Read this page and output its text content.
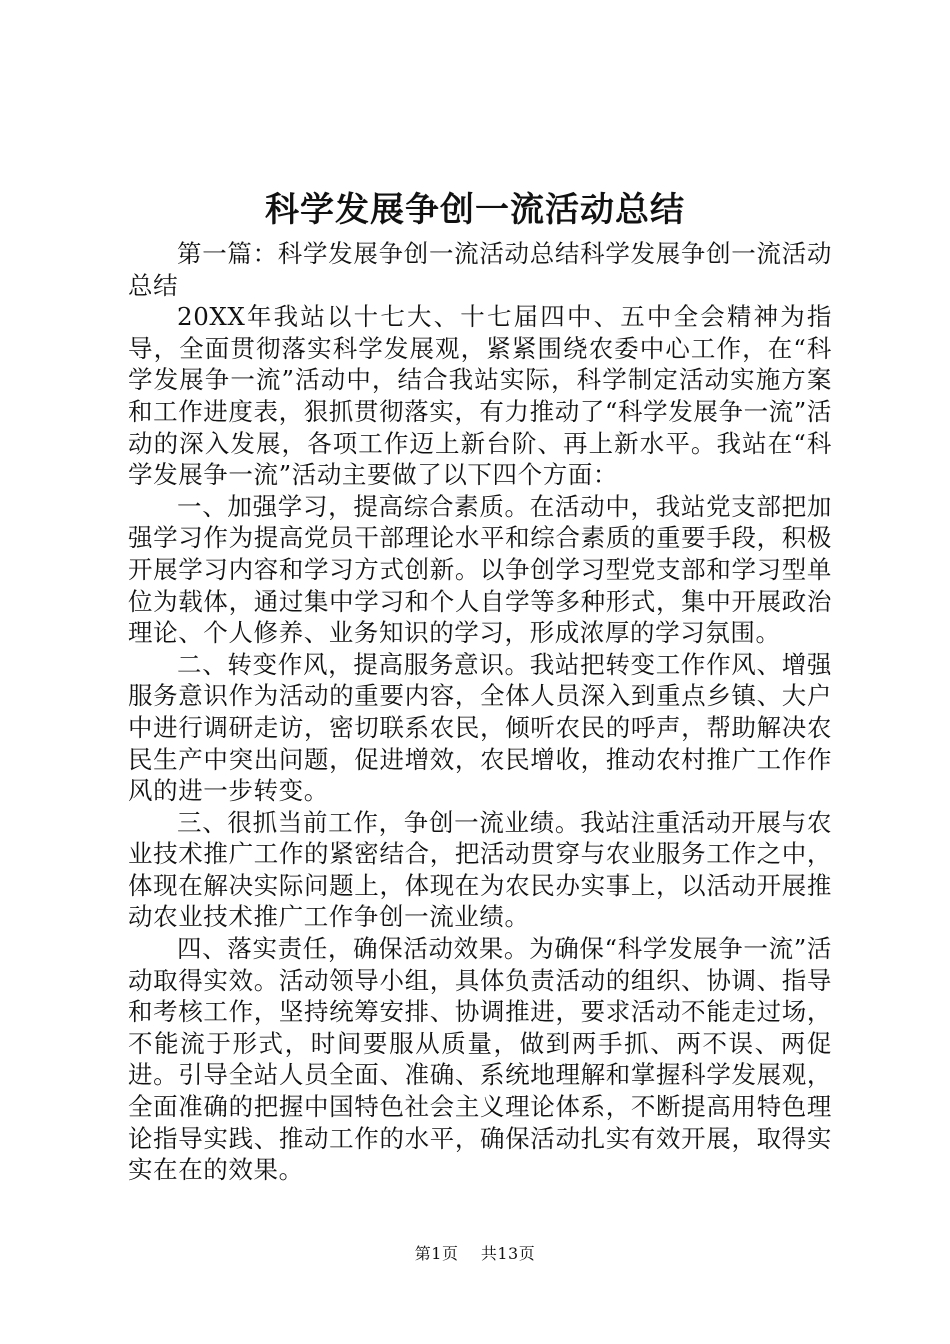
科学发展争创一流活动总结

第一篇：科学发展争创一流活动总结科学发展争创一流活动总结

20XX年我站以十七大、十七届四中、五中全会精神为指导，全面贯彻落实科学发展观，紧紧围绕农委中心工作，在“科学发展争一流”活动中，结合我站实际，科学制定活动实施方案和工作进度表，狠抓贯彻落实，有力推动了“科学发展争一流”活动的深入发展，各项工作迈上新台阶、再上新水平。我站在“科学发展争一流”活动主要做了以下四个方面：

一、加强学习，提高综合素质。在活动中，我站党支部把加强学习作为提高党员干部理论水平和综合素质的重要手段，积极开展学习内容和学习方式创新。以争创学习型党支部和学习型单位为载体，通过集中学习和个人自学等多种形式，集中开展政治理论、个人修养、业务知识的学习，形成浓厚的学习氛围。

二、转变作风，提高服务意识。我站把转变工作作风、增强服务意识作为活动的重要内容，全体人员深入到重点乡镇、大户中进行调研走访，密切联系农民，倾听农民的呼声，帮助解决农民生产中突出问题，促进增效，农民增收，推动农村推广工作作风的进一步转变。

三、很抓当前工作，争创一流业绩。我站注重活动开展与农业技术推广工作的紧密结合，把活动贯穿与农业服务工作之中，体现在解决实际问题上，体现在为农民办实事上，以活动开展推动农业技术推广工作争创一流业绩。

四、落实责任，确保活动效果。为确保“科学发展争一流”活动取得实效。活动领导小组，具体负责活动的组织、协调、指导和考核工作，坚持统筹安排、协调推进，要求活动不能走过场，不能流于形式，时间要服从质量，做到两手抓、两不误、两促进。引导全站人员全面、准确、系统地理解和掌握科学发展观，全面准确的把握中国特色社会主义理论体系，不断提高用特色理论指导实践、推动工作的水平，确保活动扎实有效开展，取得实实在在的效果。

第1页 共13页
